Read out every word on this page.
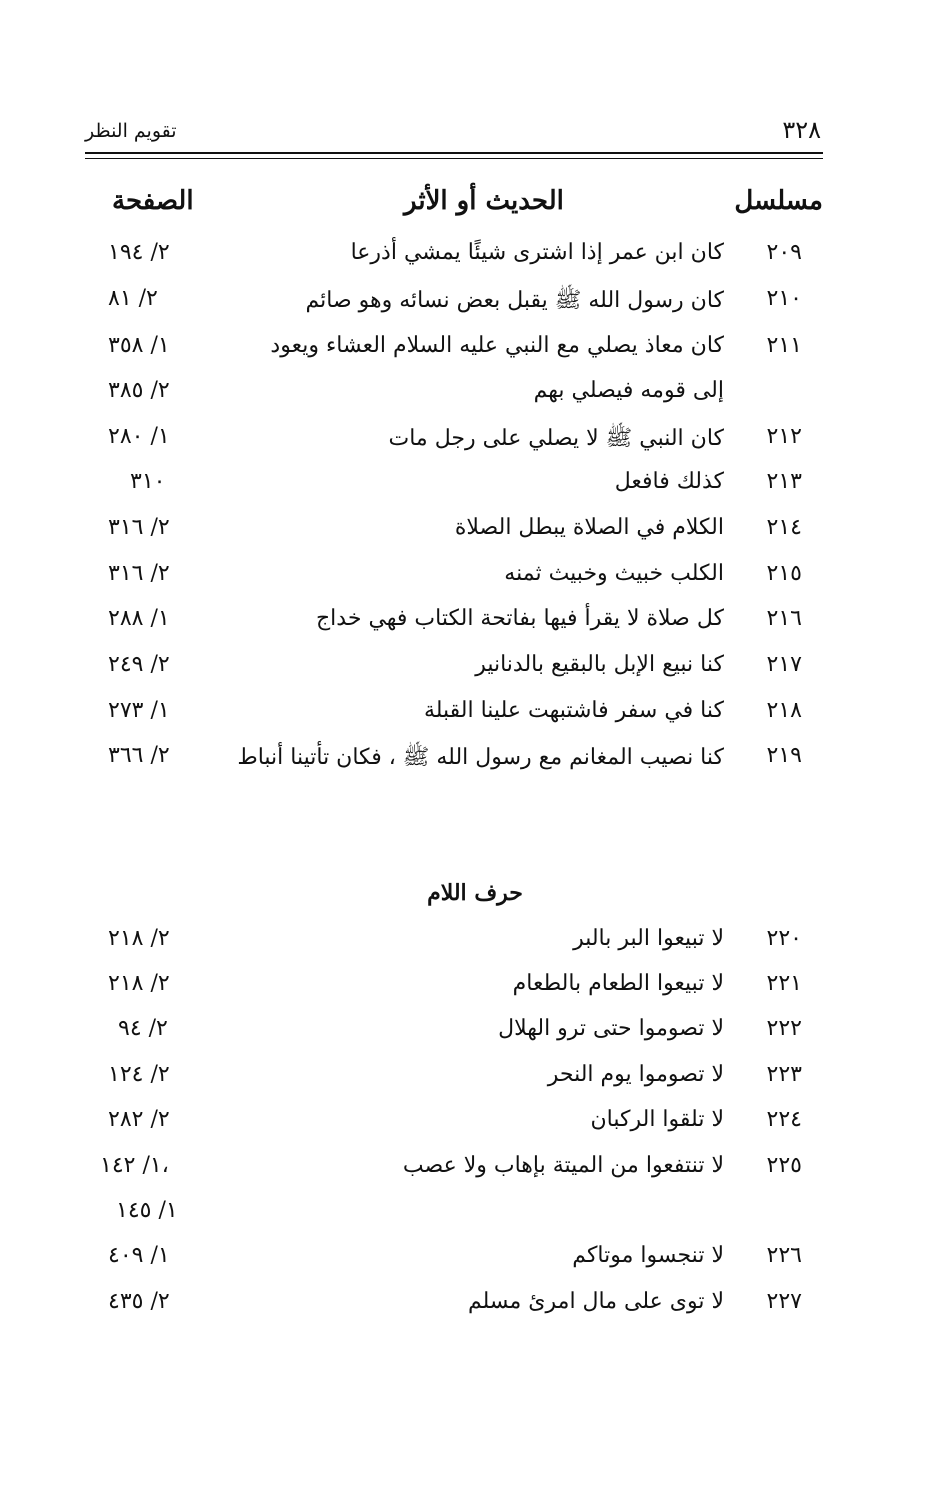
تقويم النظر	٣٢٨
مسلسل
الحديث أو الأثر
الصفحة
٢٠٩
كان ابن عمر إذا اشترى شيئًا يمشي أذرعا
٢/ ١٩٤
٢١٠
كان رسول الله ﷺ يقبل بعض نسائه وهو صائم
٢/ ٨١
٢١١
كان معاذ يصلي مع النبي عليه السلام العشاء ويعود
١/ ٣٥٨
إلى قومه فيصلي بهم
٢/ ٣٨٥
٢١٢
كان النبي ﷺ لا يصلي على رجل مات
١/ ٢٨٠
٢١٣
كذلك فافعل
٣١٠
٢١٤
الكلام في الصلاة يبطل الصلاة
٢/ ٣١٦
٢١٥
الكلب خبيث وخبيث ثمنه
٢/ ٣١٦
٢١٦
كل صلاة لا يقرأ فيها بفاتحة الكتاب فهي خداج
١/ ٢٨٨
٢١٧
كنا نبيع الإبل بالبقيع بالدنانير
٢/ ٢٤٩
٢١٨
كنا في سفر فاشتبهت علينا القبلة
١/ ٢٧٣
٢١٩
كنا نصيب المغانم مع رسول الله ﷺ ، فكان تأتينا أنباط
٢/ ٣٦٦
حرف اللام
٢٢٠
لا تبيعوا البر بالبر
٢/ ٢١٨
٢٢١
لا تبيعوا الطعام بالطعام
٢/ ٢١٨
٢٢٢
لا تصوموا حتى ترو الهلال
٢/ ٩٤
٢٢٣
لا تصوموا يوم النحر
٢/ ١٢٤
٢٢٤
لا تلقوا الركبان
٢/ ٢٨٢
٢٢٥
لا تنتفعوا من الميتة بإهاب ولا عصب
١/ ١٤٢،
١/ ١٤٥
٢٢٦
لا تنجسوا موتاكم
١/ ٤٠٩
٢٢٧
لا توى على مال امرئ مسلم
٢/ ٤٣٥
